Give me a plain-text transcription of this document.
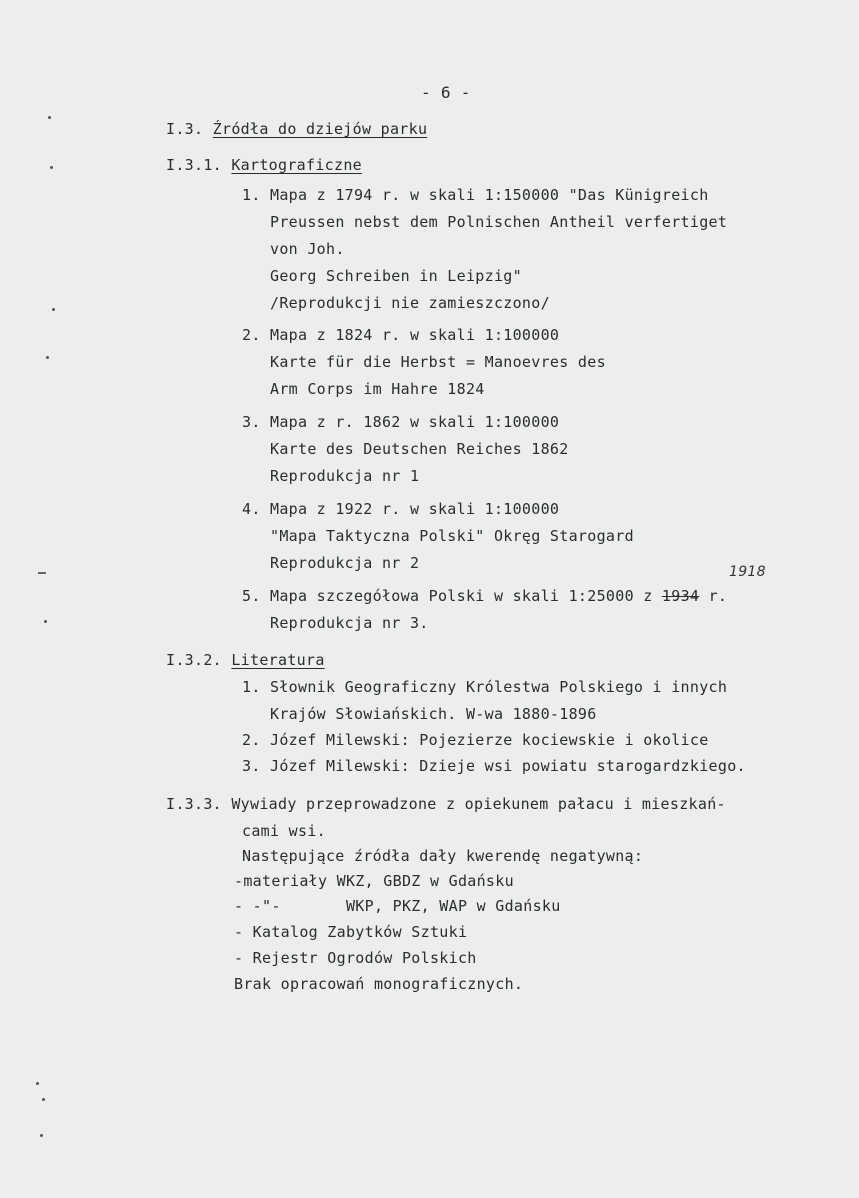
- 6 -
I.3. Źródła do dziejów parku
I.3.1. Kartograficzne
1. Mapa z 1794 r. w skali 1:150000 "Das Künigreich
Preussen nebst dem Polnischen Antheil verfertiget
von Joh.
Georg Schreiben in Leipzig"
/Reprodukcji nie zamieszczono/
2. Mapa z 1824 r. w skali 1:100000
Karte für die Herbst = Manoevres des
Arm Corps im Hahre 1824
3. Mapa z r. 1862 w skali 1:100000
Karte des Deutschen Reiches 1862
Reprodukcja nr 1
4. Mapa z 1922 r. w skali 1:100000
"Mapa Taktyczna Polski" Okręg Starogard
Reprodukcja nr 2	1918
5. Mapa szczegółowa Polski w skali 1:25000 z 1934 r.
Reprodukcja nr 3.
I.3.2. Literatura
1. Słownik Geograficzny Królestwa Polskiego i innych
Krajów Słowiańskich. W-wa 1880-1896
2. Józef Milewski: Pojezierze kociewskie i okolice
3. Józef Milewski: Dzieje wsi powiatu starogardzkiego.
I.3.3. Wywiady przeprowadzone z opiekunem pałacu i mieszkań-
cami wsi.
Następujące źródła dały kwerendę negatywną:
-materiały WKZ, GBDZ w Gdańsku
- -"-       WKP, PKZ, WAP w Gdańsku
- Katalog Zabytków Sztuki
- Rejestr Ogrodów Polskich
Brak opracowań monograficznych.
